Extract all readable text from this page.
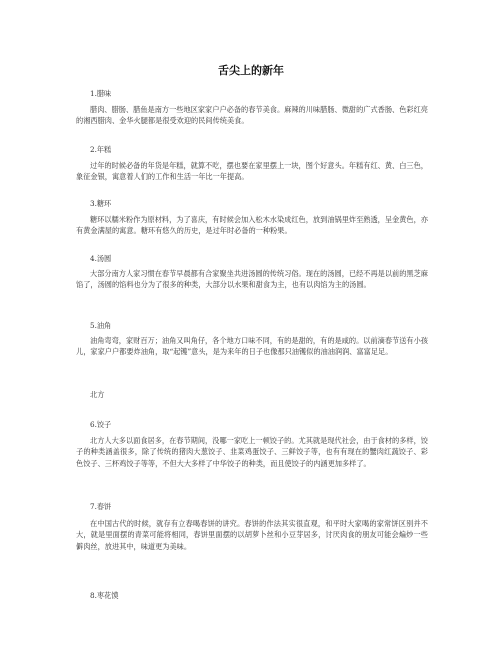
舌尖上的新年
1.腊味

腊肉、腊肠、腊鱼是南方一些地区家家户户必备的春节美食。麻辣的川味腊肠、微甜的广式香肠、色彩红亮的湘西腊肉、金华火腿都是很受欢迎的民间传统美食。

2.年糕

过年的时候必备的年货是年糕，就算不吃，摆也要在家里摆上一块，图个好意头。年糕有红、黄、白三色，象征金银，寓意着人们的工作和生活一年比一年提高。

3.糖环

糖环以糯米粉作为原材料，为了喜庆，有时候会加入松木水染成红色，放到油锅里炸至熟透，呈金黄色，亦有黄金满屋的寓意。糖环有悠久的历史，是过年时必备的一种粉果。

4.汤圆

大部分南方人家习惯在春节早晨都有合家聚坐共进汤圆的传统习俗。现在的汤圆，已经不再是以前的黑芝麻馅了，汤圆的馅料也分为了很多的种类，大部分以水果和甜食为主，也有以肉馅为主的汤圆。

5.油角

油角弯弯，家财百万；油角又叫角仔，各个地方口味不同，有的是甜的，有的是咸的。以前滴春节送有小孩儿，家家户户都要炸油角，取“起镬”意头，是为来年的日子也像那只油镬似的油油润润、富富足足。

北方
6.饺子

北方人大多以面食居多，在春节期间，没哪一家吃上一顿饺子的。尤其就是现代社会，由于食材的多样，饺子的种类涵盖很多，除了传统的猪肉大葱饺子、韭菜鸡蛋饺子、三鲜饺子等，也有有现在的蟹肉红蔬饺子、彩色饺子、三杯鸡饺子等等，不但大大多样了中华饺子的种类，而且使饺子的内涵更加多样了。

7.春饼

在中国古代的时候，就存有立春喝春饼的讲究。春饼的作法其实很直观，和平时大家喝的家常饼区别并不大，就是里面摆的青菜可能将相同，春饼里面摆的以胡萝卜丝和小豆芽居多，讨厌肉食的朋友可能会煸炒一些僻肉丝，放进其中，味道更为美味。

8.枣花馍
